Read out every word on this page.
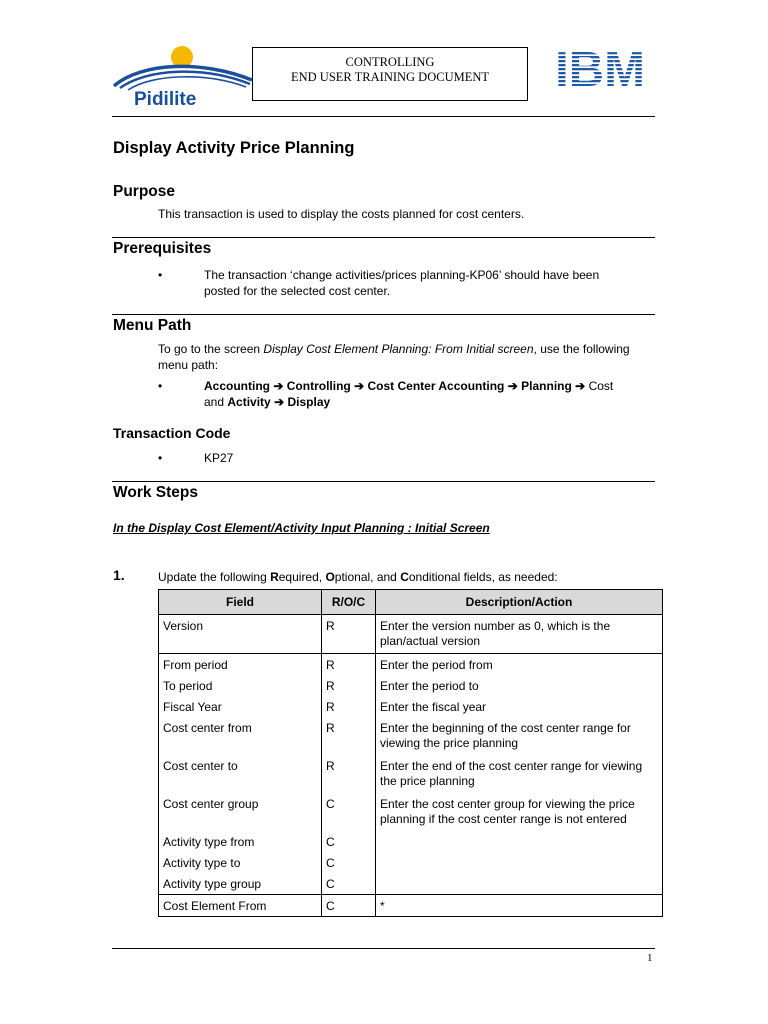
Pidilite
CONTROLLING
END USER TRAINING DOCUMENT	IBM
Display Activity Price Planning
Purpose
This transaction is used to display the costs planned for cost centers.
Prerequisites
•	The transaction ‘change activities/prices planning-KP06’ should have been
posted for the selected cost center.
Menu Path
To go to the screen Display Cost Element Planning: From Initial screen, use the following
menu path:
•	Accounting ➔ Controlling ➔ Cost Center Accounting ➔ Planning ➔ Cost
and Activity ➔ Display
Transaction Code
•	KP27
Work Steps
In the Display Cost Element/Activity Input Planning : Initial Screen
1.	Update the following Required, Optional, and Conditional fields, as needed:
Field	R/O/C	Description/Action
Version	R	Enter the version number as 0, which is the plan/actual version
From period	R	Enter the period from
To period	R	Enter the period to
Fiscal Year	R	Enter the fiscal year
Cost center from	R	Enter the beginning of the cost center range for viewing the price planning
Cost center to	R	Enter the end of the cost center range for viewing the price planning
Cost center group	C	Enter the cost center group for viewing the price planning if the cost center range is not entered
Activity type from	C	
Activity type to	C	
Activity type group	C	
Cost Element From	C	*
1
